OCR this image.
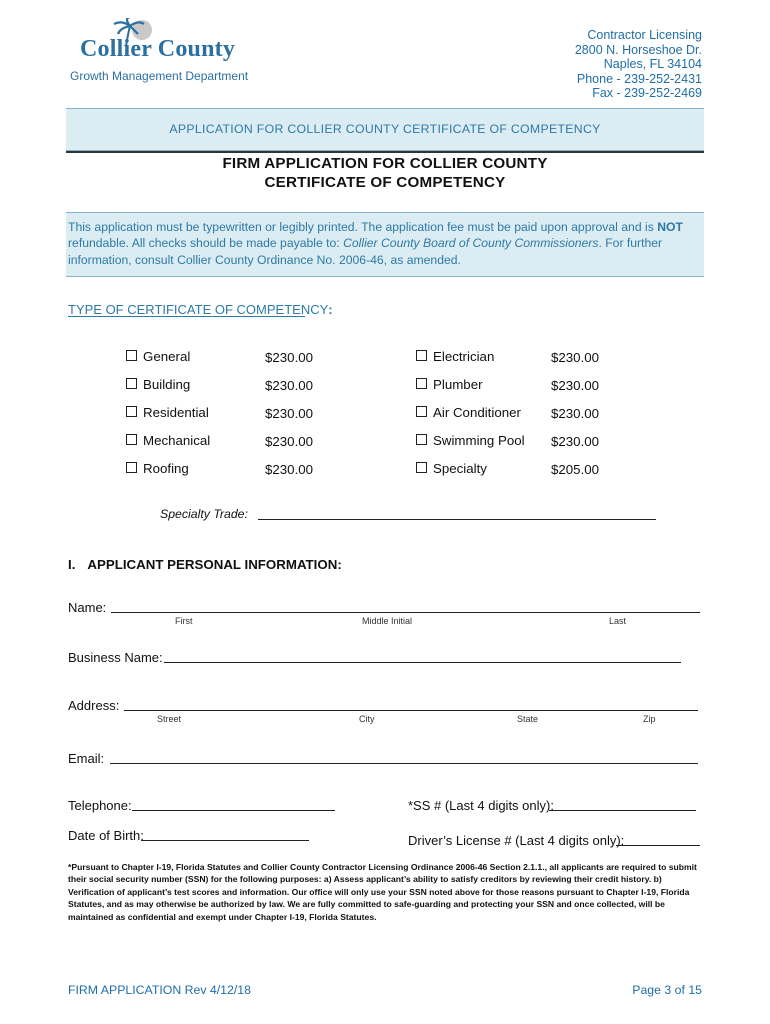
Collier County
Growth Management Department
Contractor Licensing
2800 N. Horseshoe Dr.
Naples, FL 34104
Phone - 239-252-2431
Fax - 239-252-2469
APPLICATION FOR COLLIER COUNTY CERTIFICATE OF COMPETENCY
FIRM APPLICATION FOR COLLIER COUNTY
CERTIFICATE OF COMPETENCY
This application must be typewritten or legibly printed. The application fee must be paid upon approval and is NOT refundable. All checks should be made payable to: Collier County Board of County Commissioners. For further information, consult Collier County Ordinance No. 2006-46, as amended.
TYPE OF CERTIFICATE OF COMPETENCY:
General	$230.00
Building	$230.00
Residential	$230.00
Mechanical	$230.00
Roofing	$230.00
Electrician	$230.00
Plumber	$230.00
Air Conditioner $230.00
Swimming Pool $230.00
Specialty	$205.00
Specialty Trade:
I. APPLICANT PERSONAL INFORMATION:
Name:
First	Middle Initial	Last
Business Name:
Address:
Street	City	State	Zip
Email:
Telephone:	*SS # (Last 4 digits only):
Date of Birth:	Driver’s License # (Last 4 digits only):
*Pursuant to Chapter I-19, Florida Statutes and Collier County Contractor Licensing Ordinance 2006-46 Section 2.1.1., all applicants are required to submit their social security number (SSN) for the following purposes: a) Assess applicant’s ability to satisfy creditors by reviewing their credit history. b) Verification of applicant’s test scores and information. Our office will only use your SSN noted above for those reasons pursuant to Chapter I-19, Florida Statutes, and as may otherwise be authorized by law. We are fully committed to safe-guarding and protecting your SSN and once collected, will be maintained as confidential and exempt under Chapter I-19, Florida Statutes.
FIRM APPLICATION Rev 4/12/18	Page 3 of 15
